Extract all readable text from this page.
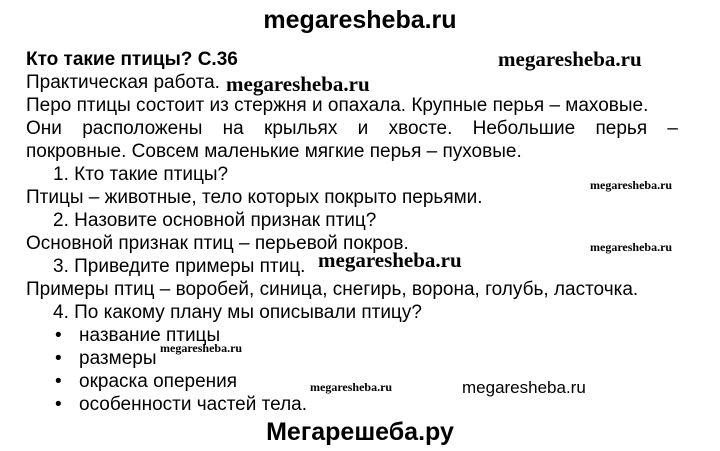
megaresheba.ru
Кто такие птицы? С.36	megaresheba.ru
Практическая работа. megaresheba.ru
Перо птицы состоит из стержня и опахала. Крупные перья – маховые.
Они расположены на крыльях и хвосте. Небольшие перья –
покровные. Совсем маленькие мягкие перья – пуховые.
1. Кто такие птицы?
Птицы – животные, тело которых покрыто перьями.
megaresheba.ru
2. Назовите основной признак птиц?
Основной признак птиц – перьевой покров.	megaresheba.ru
3. Приведите примеры птиц. megaresheba.ru
Примеры птиц – воробей, синица, снегирь, ворона, голубь, ласточка.
4. По какому плану мы описывали птицу?
• название птицы
megaresheba.ru
• размеры
• окраска оперения	megaresheba.ru	megaresheba.ru
• особенности частей тела.
Мегарешеба.ру
